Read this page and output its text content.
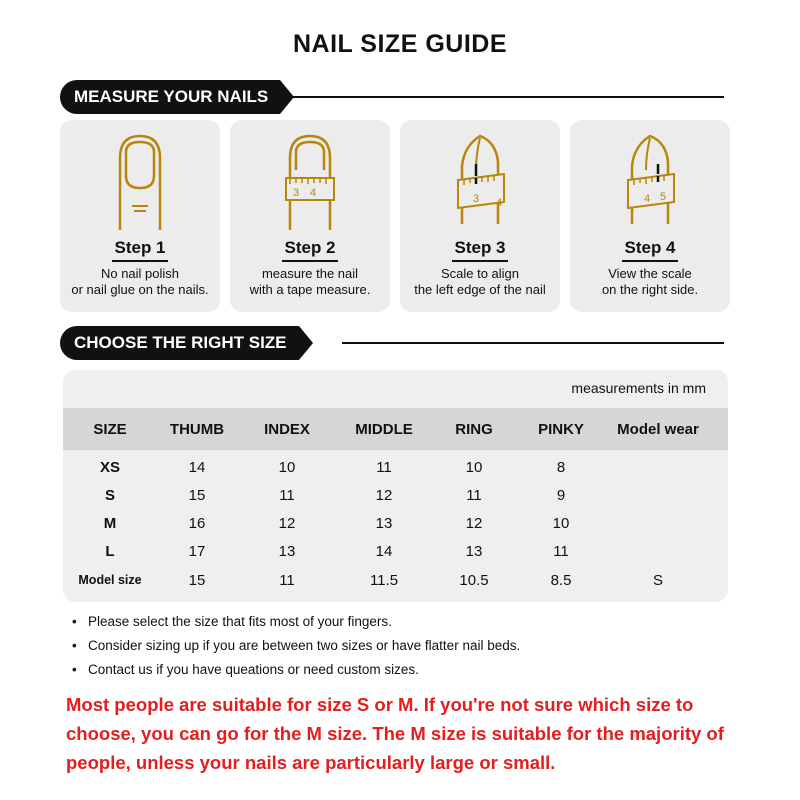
NAIL SIZE GUIDE
MEASURE YOUR NAILS
Step 1
No nail polish
or nail glue on the nails.
3 4
Step 2
measure the nail
with a tape measure.
3 4
Step 3
Scale to align
the left edge of the nail
4 5
Step 4
View the scale
on the right side.
CHOOSE THE RIGHT SIZE
measurements in mm
SIZE	THUMB	INDEX	MIDDLE	RING	PINKY	Model wear
XS	14	10	11	10	8
S	15	11	12	11	9
M	16	12	13	12	10
L	17	13	14	13	11
Model size	15	11	11.5	10.5	8.5	S
• Please select the size that fits most of your fingers.
• Consider sizing up if you are between two sizes or have flatter nail beds.
• Contact us if you have queations or need custom sizes.
Most people are suitable for size S or M. If you're not sure which size to choose, you can go for the M size. The M size is suitable for the majority of people, unless your nails are particularly large or small.
